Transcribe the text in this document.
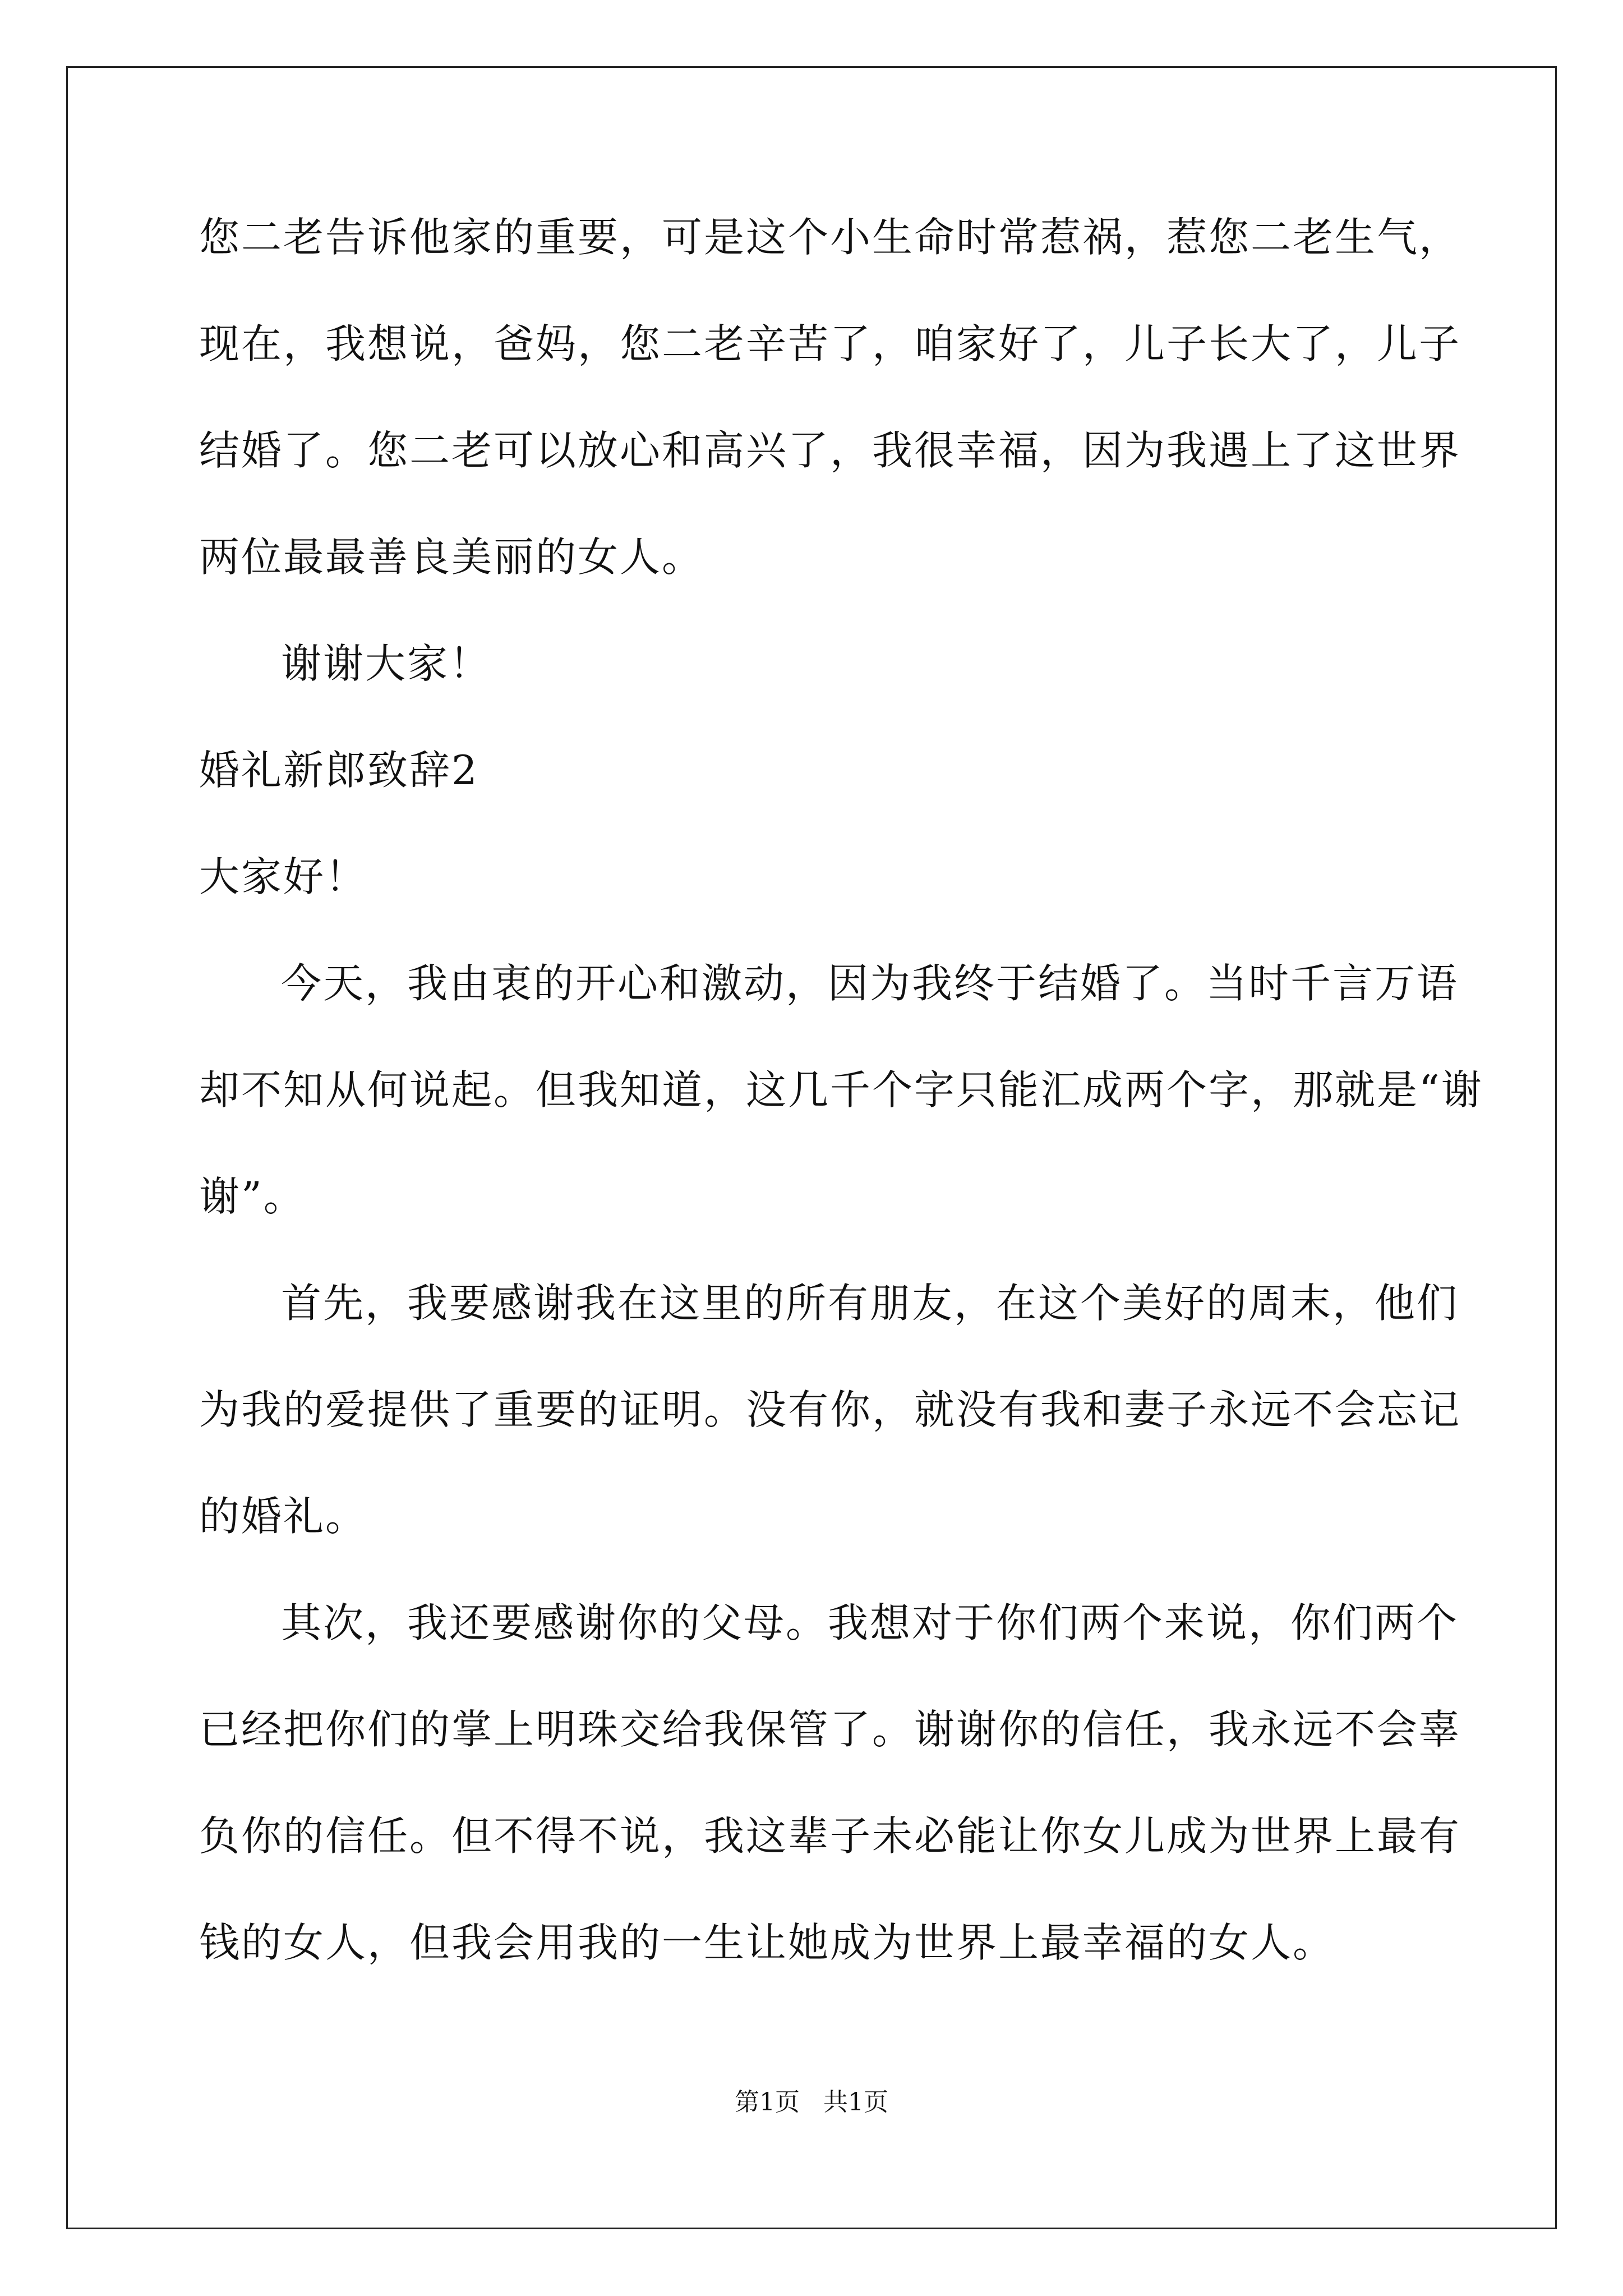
您二老告诉他家的重要，可是这个小生命时常惹祸，惹您二老生气，
现在，我想说，爸妈，您二老辛苦了，咱家好了，儿子长大了，儿子
结婚了。您二老可以放心和高兴了，我很幸福，因为我遇上了这世界
两位最最善良美丽的女人。
谢谢大家！
婚礼新郎致辞2
大家好！
今天，我由衷的开心和激动，因为我终于结婚了。当时千言万语
却不知从何说起。但我知道，这几千个字只能汇成两个字，那就是“谢
谢”。
首先，我要感谢我在这里的所有朋友，在这个美好的周末，他们
为我的爱提供了重要的证明。没有你，就没有我和妻子永远不会忘记
的婚礼。
其次，我还要感谢你的父母。我想对于你们两个来说，你们两个
已经把你们的掌上明珠交给我保管了。谢谢你的信任，我永远不会辜
负你的信任。但不得不说，我这辈子未必能让你女儿成为世界上最有
钱的女人，但我会用我的一生让她成为世界上最幸福的女人。
第1页   共1页
